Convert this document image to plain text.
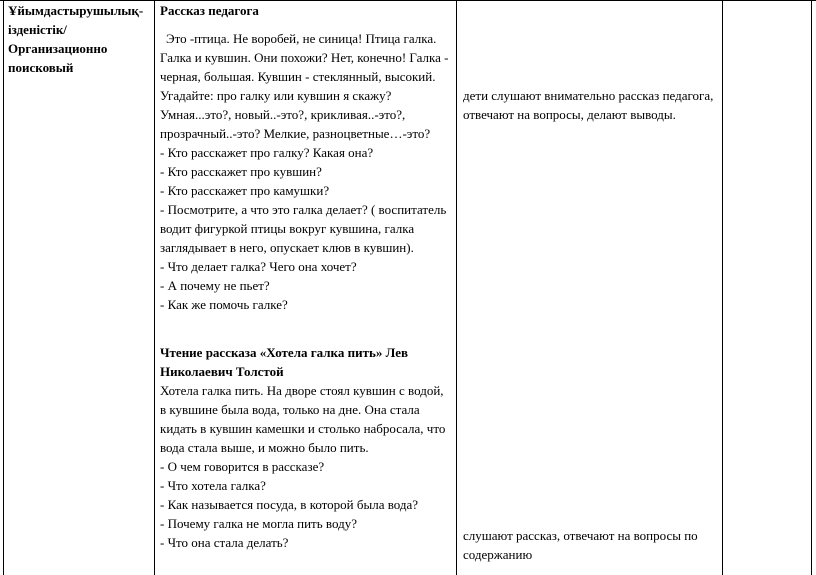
Ұйымдастырушылық-ізденістік/ Организационно поисковый

Рассказ педагога

Это -птица. Не воробей, не синица! Птица галка. Галка и кувшин. Они похожи? Нет, конечно! Галка - черная, большая. Кувшин - стеклянный, высокий. Угадайте: про галку или кувшин я скажу? Умная...это?, новый..-это?, крикливая..-это?, прозрачный..-это? Мелкие, разноцветные…-это?

- Кто расскажет про галку? Какая она?

- Кто расскажет про кувшин?

- Кто расскажет про камушки?

- Посмотрите, а что это галка делает? ( воспитатель водит фигуркой птицы вокруг кувшина, галка заглядывает в него, опускает клюв в кувшин).

- Что делает галка? Чего она хочет?

- А почему не пьет?

- Как же помочь галке?

Чтение рассказа «Хотела галка пить» Лев Николаевич Толстой

Хотела галка пить. На дворе стоял кувшин с водой, в кувшине была вода, только на дне. Она стала кидать в кувшин камешки и столько набросала, что вода стала выше, и можно было пить.

- О чем говорится в рассказе?

- Что хотела галка?

- Как называется посуда, в которой была вода?

- Почему галка не могла пить воду?

- Что она стала делать?

дети слушают внимательно рассказ педагога, отвечают на вопросы, делают выводы.
слушают рассказ, отвечают на вопросы по содержанию
